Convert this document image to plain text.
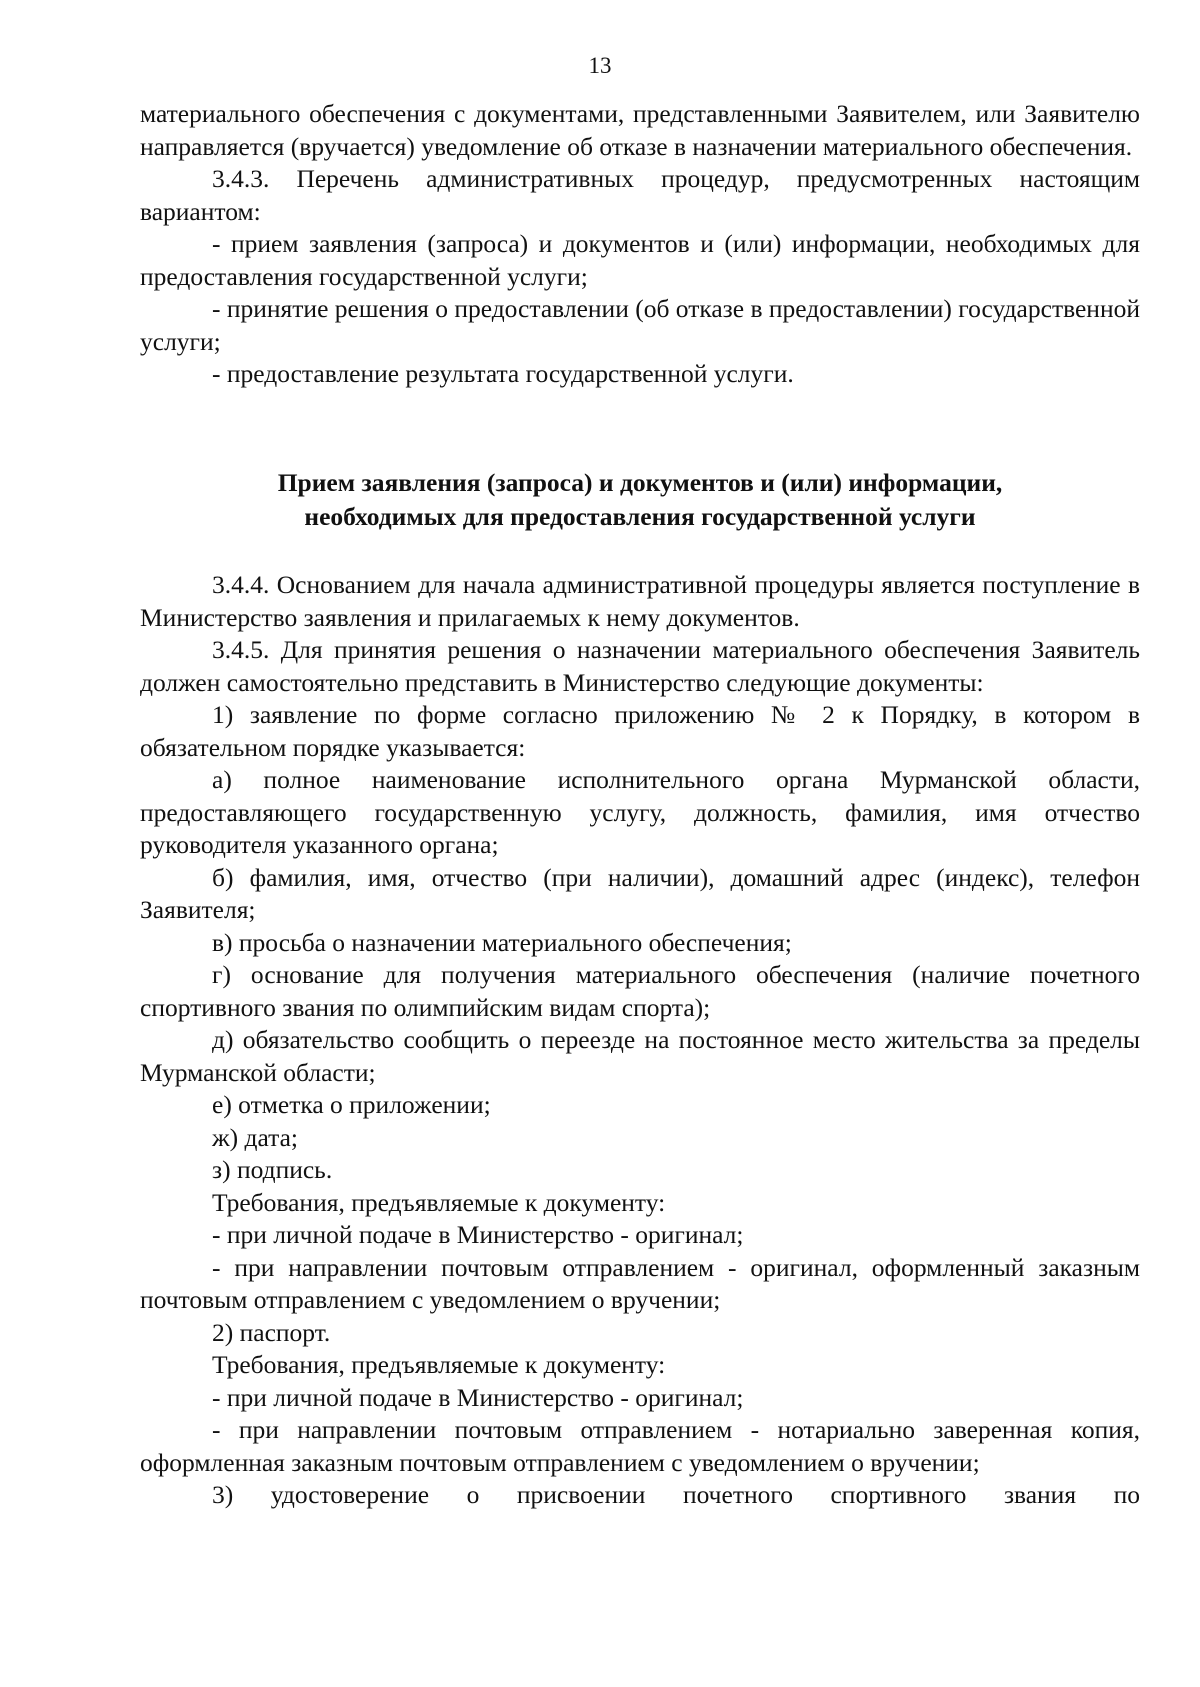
13

материального обеспечения с документами, представленными Заявителем, или Заявителю направляется (вручается) уведомление об отказе в назначении материального обеспечения.

3.4.3. Перечень административных процедур, предусмотренных настоящим вариантом:

- прием заявления (запроса) и документов и (или) информации, необходимых для предоставления государственной услуги;

- принятие решения о предоставлении (об отказе в предоставлении) государственной услуги;

- предоставление результата государственной услуги.

Прием заявления (запроса) и документов и (или) информации,

необходимых для предоставления государственной услуги

3.4.4. Основанием для начала административной процедуры является поступление в Министерство заявления и прилагаемых к нему документов.

3.4.5. Для принятия решения о назначении материального обеспечения Заявитель должен самостоятельно представить в Министерство следующие документы:

1) заявление по форме согласно приложению № 2 к Порядку, в котором в обязательном порядке указывается:

а) полное наименование исполнительного органа Мурманской области, предоставляющего государственную услугу, должность, фамилия, имя отчество руководителя указанного органа;

б) фамилия, имя, отчество (при наличии), домашний адрес (индекс), телефон Заявителя;

в) просьба о назначении материального обеспечения;

г) основание для получения материального обеспечения (наличие почетного спортивного звания по олимпийским видам спорта);

д) обязательство сообщить о переезде на постоянное место жительства за пределы Мурманской области;

е) отметка о приложении;

ж) дата;

з) подпись.

Требования, предъявляемые к документу:

- при личной подаче в Министерство - оригинал;

- при направлении почтовым отправлением - оригинал, оформленный заказным почтовым отправлением с уведомлением о вручении;

2) паспорт.

Требования, предъявляемые к документу:

- при личной подаче в Министерство - оригинал;

- при направлении почтовым отправлением - нотариально заверенная копия, оформленная заказным почтовым отправлением с уведомлением о вручении;

3) удостоверение о присвоении почетного спортивного звания по
